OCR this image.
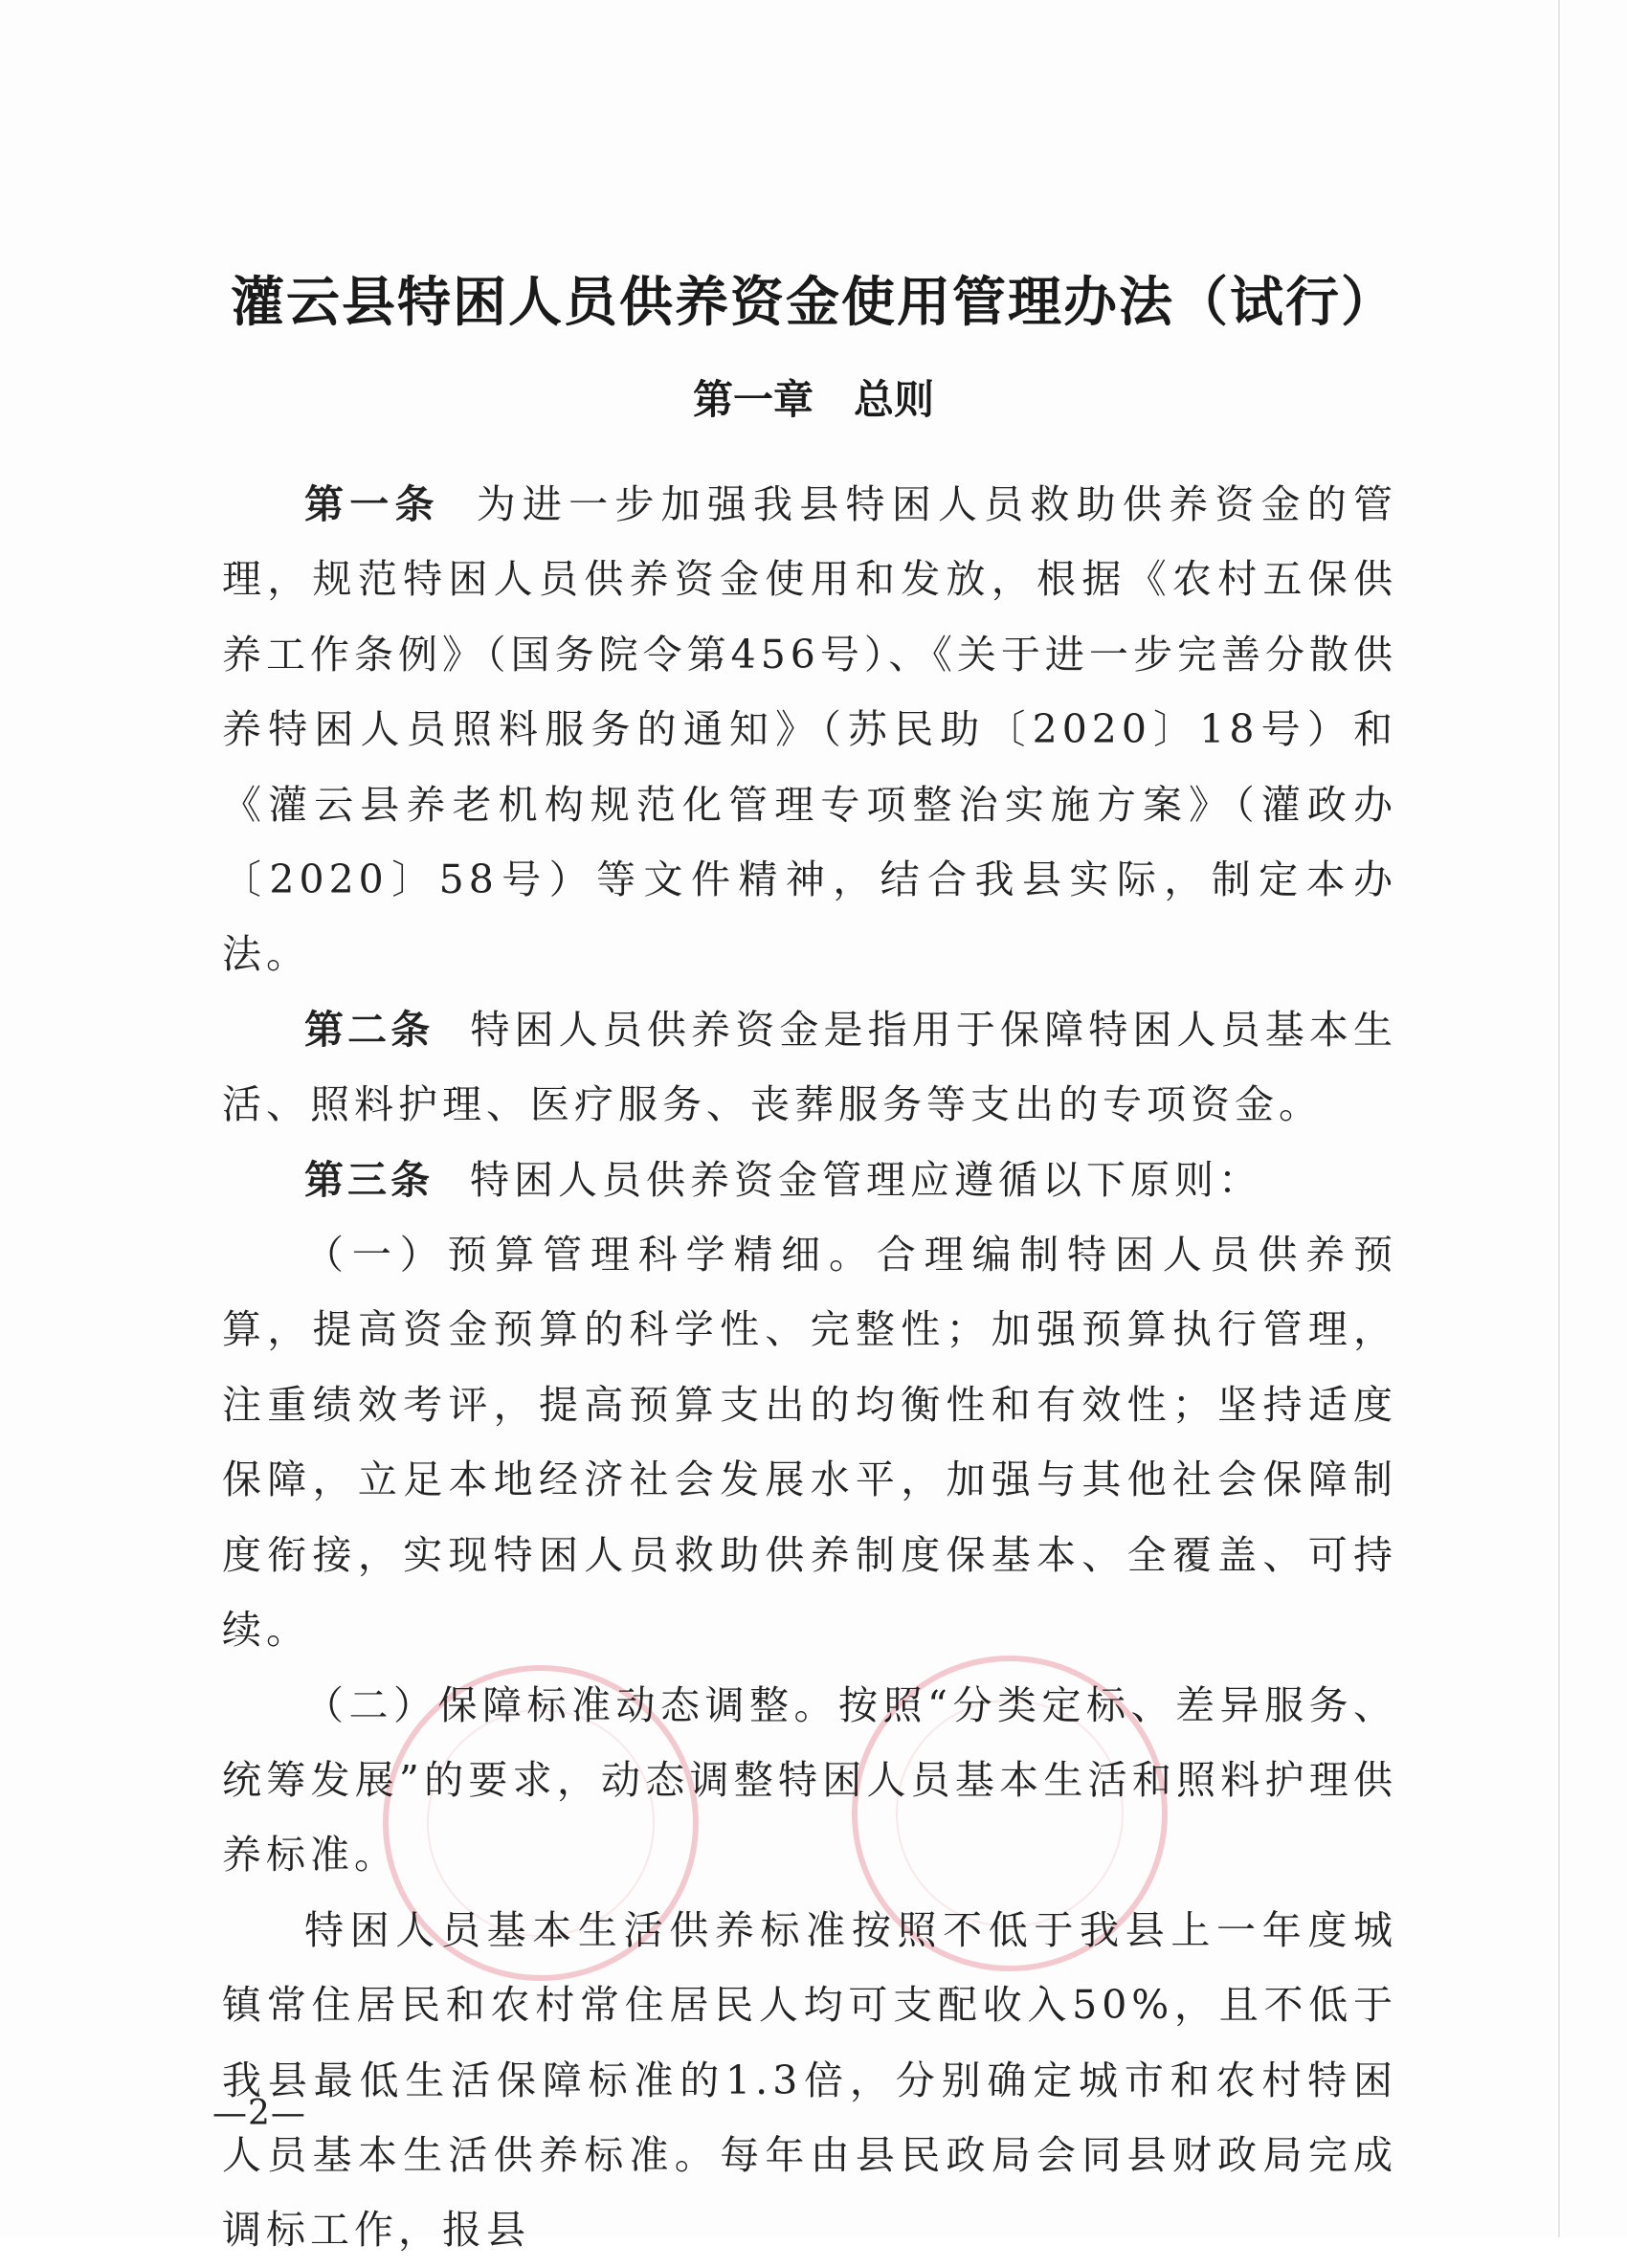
灌云县特困人员供养资金使用管理办法（试行）
第一章　总则

第一条 为进一步加强我县特困人员救助供养资金的管理，规范特困人员供养资金使用和发放，根据《农村五保供养工作条例》（国务院令第456号）、《关于进一步完善分散供养特困人员照料服务的通知》（苏民助〔2020〕18号）和《灌云县养老机构规范化管理专项整治实施方案》（灌政办〔2020〕58号）等文件精神，结合我县实际，制定本办法。

第二条 特困人员供养资金是指用于保障特困人员基本生活、照料护理、医疗服务、丧葬服务等支出的专项资金。

第三条 特困人员供养资金管理应遵循以下原则：

（一）预算管理科学精细。合理编制特困人员供养预算，提高资金预算的科学性、完整性；加强预算执行管理，注重绩效考评，提高预算支出的均衡性和有效性；坚持适度保障，立足本地经济社会发展水平，加强与其他社会保障制度衔接，实现特困人员救助供养制度保基本、全覆盖、可持续。

（二）保障标准动态调整。按照“分类定标、差异服务、统筹发展”的要求，动态调整特困人员基本生活和照料护理供养标准。

特困人员基本生活供养标准按照不低于我县上一年度城镇常住居民和农村常住居民人均可支配收入50%，且不低于我县最低生活保障标准的1.3倍，分别确定城市和农村特困人员基本生活供养标准。每年由县民政局会同县财政局完成调标工作，报县

—2—
